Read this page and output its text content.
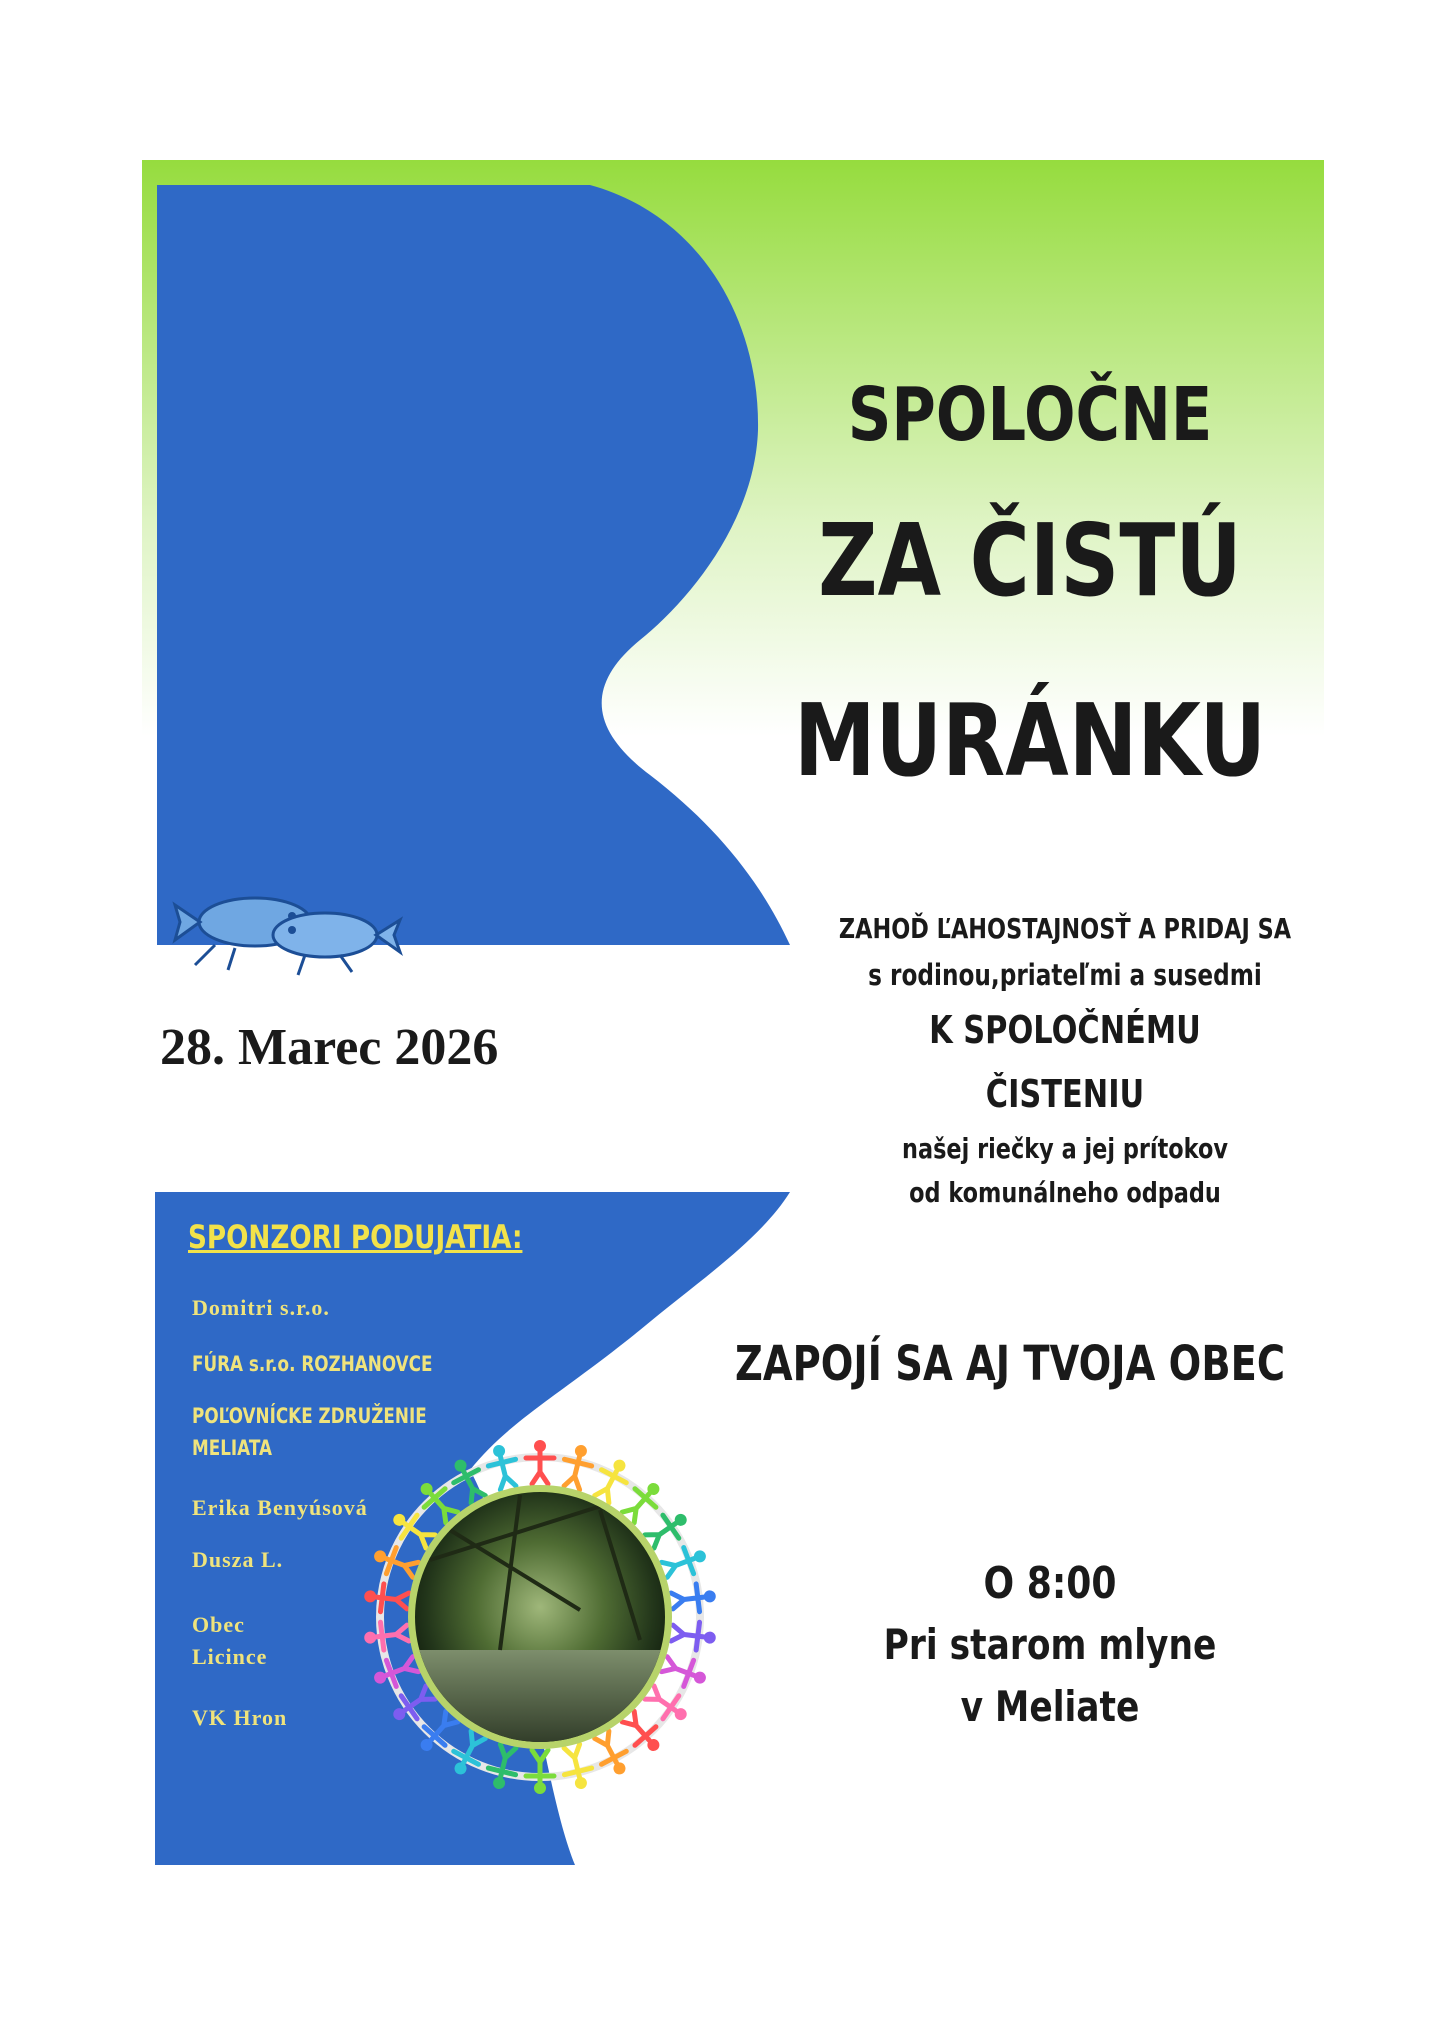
SPOLOČNE
ZA ČISTÚ
MURÁNKU
ZAHOĎ ĽAHOSTAJNOSŤ A PRIDAJ SA
s rodinou,priateľmi a susedmi
K SPOLOČNÉMU
ČISTENIU
našej riečky a jej prítokov
od komunálneho odpadu
ZAPOJÍ SA AJ TVOJA OBEC
28. Marec 2026
O 8:00
Pri starom mlyne
v Meliate
SPONZORI PODUJATIA:
Domitri s.r.o.
FÚRA s.r.o. ROZHANOVCE
POĽOVNÍCKE ZDRUŽENIE
MELIATA
Erika Benyúsová
Dusza L.
Obec
Licince
VK Hron
